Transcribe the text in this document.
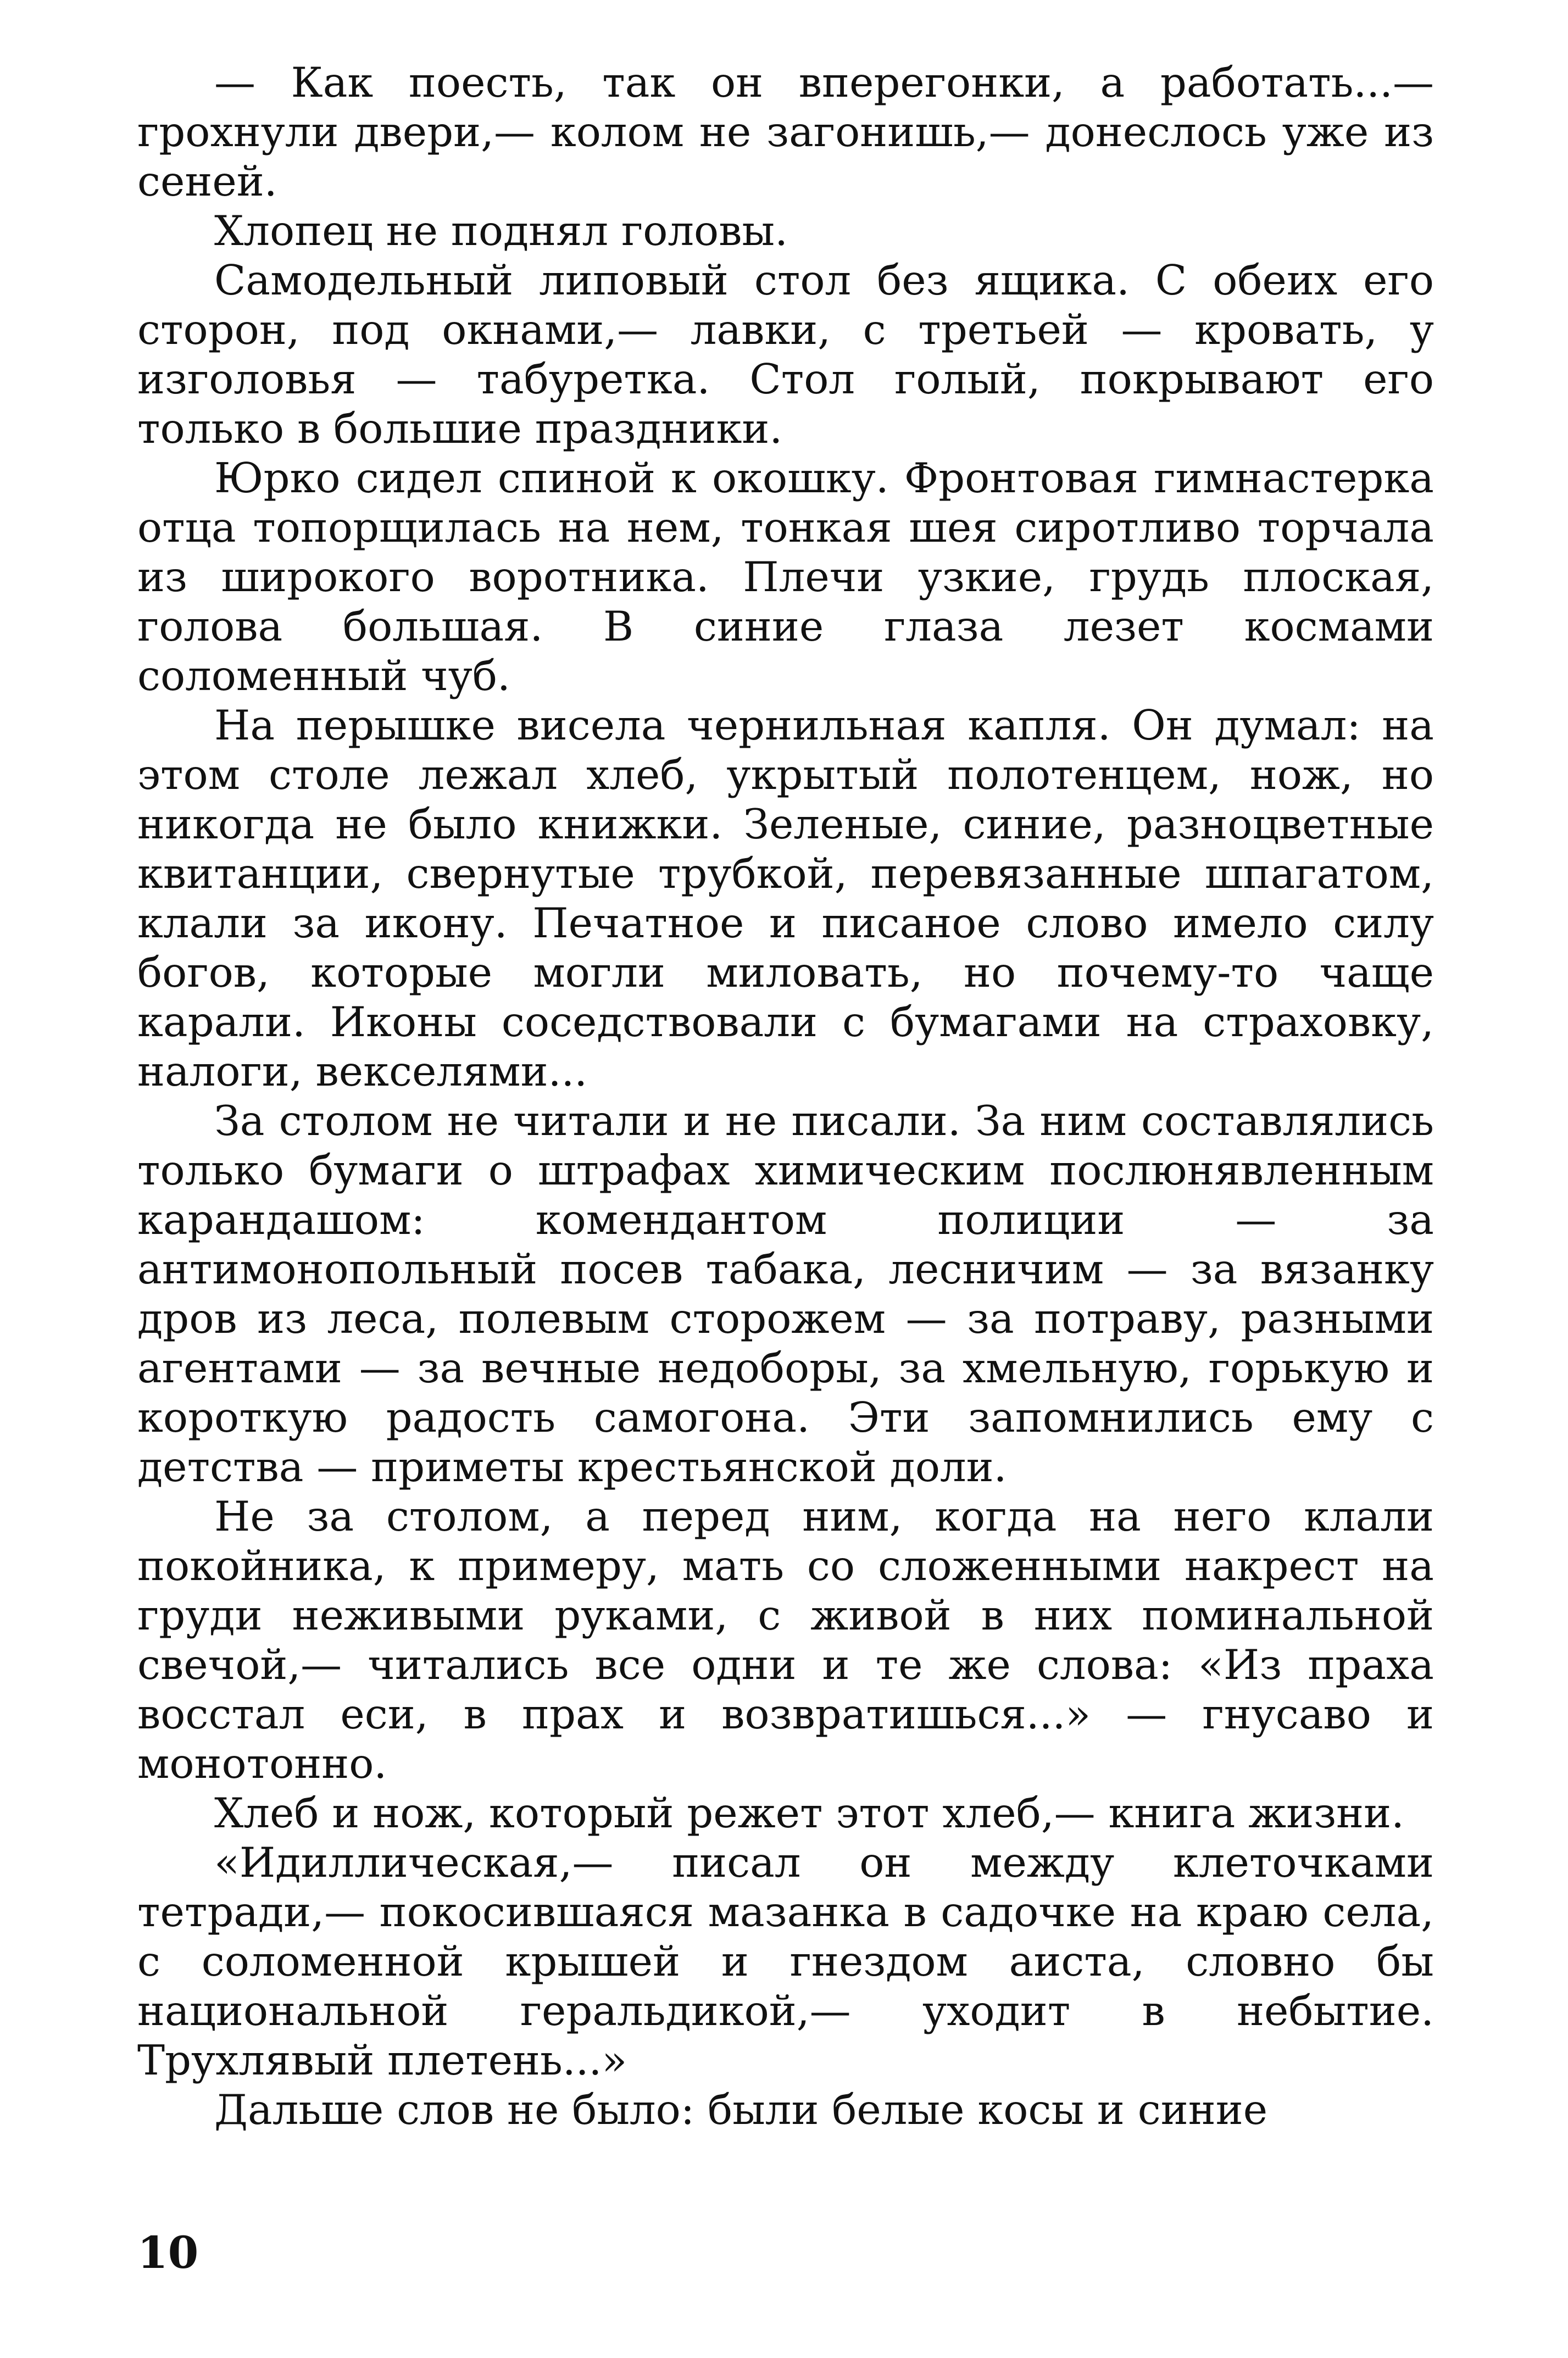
— Как поесть, так он вперегонки, а работать...— грохнули двери,— колом не загонишь,— донеслось уже из сеней.

Хлопец не поднял головы.

Самодельный липовый стол без ящика. С обеих его сторон, под окнами,— лавки, с третьей — кровать, у изголовья — табуретка. Стол голый, покрывают его только в большие праздники.

Юрко сидел спиной к окошку. Фронтовая гимнастерка отца топорщилась на нем, тонкая шея сиротливо торчала из широкого воротника. Плечи узкие, грудь плоская, голова большая. В синие глаза лезет космами соломенный чуб.

На перышке висела чернильная капля. Он думал: на этом столе лежал хлеб, укрытый полотенцем, нож, но никогда не было книжки. Зеленые, синие, разноцветные квитанции, свернутые трубкой, перевязанные шпагатом, клали за икону. Печатное и писаное слово имело силу богов, которые могли миловать, но почему-то чаще карали. Иконы соседствовали с бумагами на страховку, налоги, векселями...

За столом не читали и не писали. За ним составлялись только бумаги о штрафах химическим послюнявленным карандашом: комендантом полиции — за антимонопольный посев табака, лесничим — за вязанку дров из леса, полевым сторожем — за потраву, разными агентами — за вечные недоборы, за хмельную, горькую и короткую радость самогона. Эти запомнились ему с детства — приметы крестьянской доли.

Не за столом, а перед ним, когда на него клали покойника, к примеру, мать со сложенными накрест на груди неживыми руками, с живой в них поминальной свечой,— читались все одни и те же слова: «Из праха восстал еси, в прах и возвратишься...» — гнусаво и монотонно.

Хлеб и нож, который режет этот хлеб,— книга жизни.

«Идиллическая,— писал он между клеточками тетради,— покосившаяся мазанка в садочке на краю села, с соломенной крышей и гнездом аиста, словно бы национальной геральдикой,— уходит в небытие. Трухлявый плетень...»

Дальше слов не было: были белые косы и синие

10
